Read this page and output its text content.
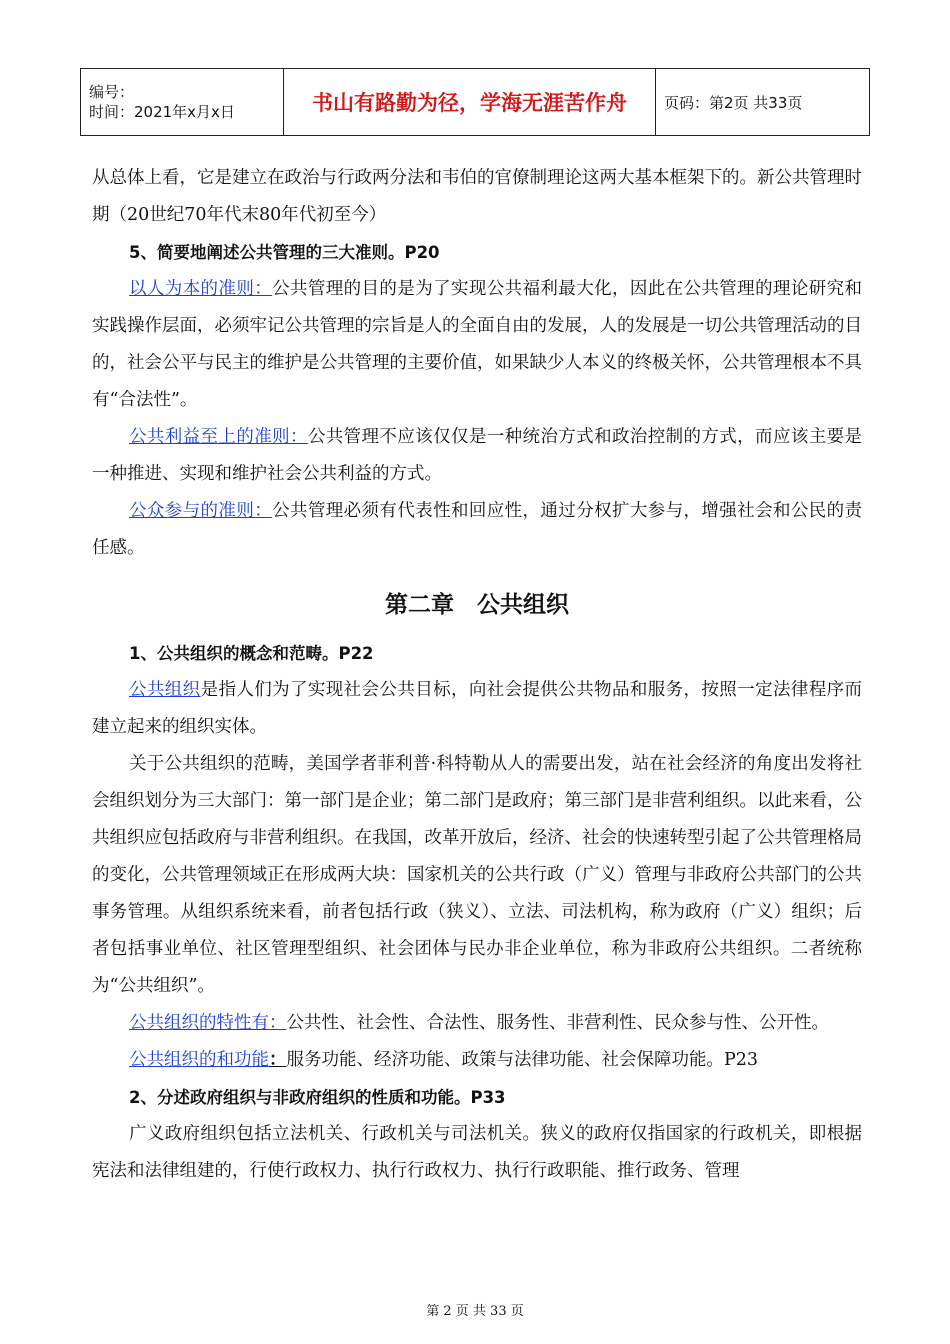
编号：
时间：2021年x月x日	书山有路勤为径，学海无涯苦作舟	页码：第2页 共33页

从总体上看，它是建立在政治与行政两分法和韦伯的官僚制理论这两大基本框架下的。新公共管理时期（20世纪70年代末80年代初至今）

5、简要地阐述公共管理的三大准则。P20

以人为本的准则：公共管理的目的是为了实现公共福利最大化，因此在公共管理的理论研究和实践操作层面，必须牢记公共管理的宗旨是人的全面自由的发展，人的发展是一切公共管理活动的目的，社会公平与民主的维护是公共管理的主要价值，如果缺少人本义的终极关怀，公共管理根本不具有“合法性”。

公共利益至上的准则：公共管理不应该仅仅是一种统治方式和政治控制的方式，而应该主要是一种推进、实现和维护社会公共利益的方式。

公众参与的准则：公共管理必须有代表性和回应性，通过分权扩大参与，增强社会和公民的责任感。

第二章　公共组织

1、公共组织的概念和范畴。P22

公共组织是指人们为了实现社会公共目标，向社会提供公共物品和服务，按照一定法律程序而建立起来的组织实体。

关于公共组织的范畴，美国学者菲利普·科特勒从人的需要出发，站在社会经济的角度出发将社会组织划分为三大部门：第一部门是企业；第二部门是政府；第三部门是非营利组织。以此来看，公共组织应包括政府与非营利组织。在我国，改革开放后，经济、社会的快速转型引起了公共管理格局的变化，公共管理领域正在形成两大块：国家机关的公共行政（广义）管理与非政府公共部门的公共事务管理。从组织系统来看，前者包括行政（狭义）、立法、司法机构，称为政府（广义）组织；后者包括事业单位、社区管理型组织、社会团体与民办非企业单位，称为非政府公共组织。二者统称为“公共组织”。

公共组织的特性有：公共性、社会性、合法性、服务性、非营利性、民众参与性、公开性。

公共组织的和功能：服务功能、经济功能、政策与法律功能、社会保障功能。P23

2、分述政府组织与非政府组织的性质和功能。P33

广义政府组织包括立法机关、行政机关与司法机关。狭义的政府仅指国家的行政机关，即根据宪法和法律组建的，行使行政权力、执行行政权力、执行行政职能、推行政务、管理

第 2 页 共 33 页
